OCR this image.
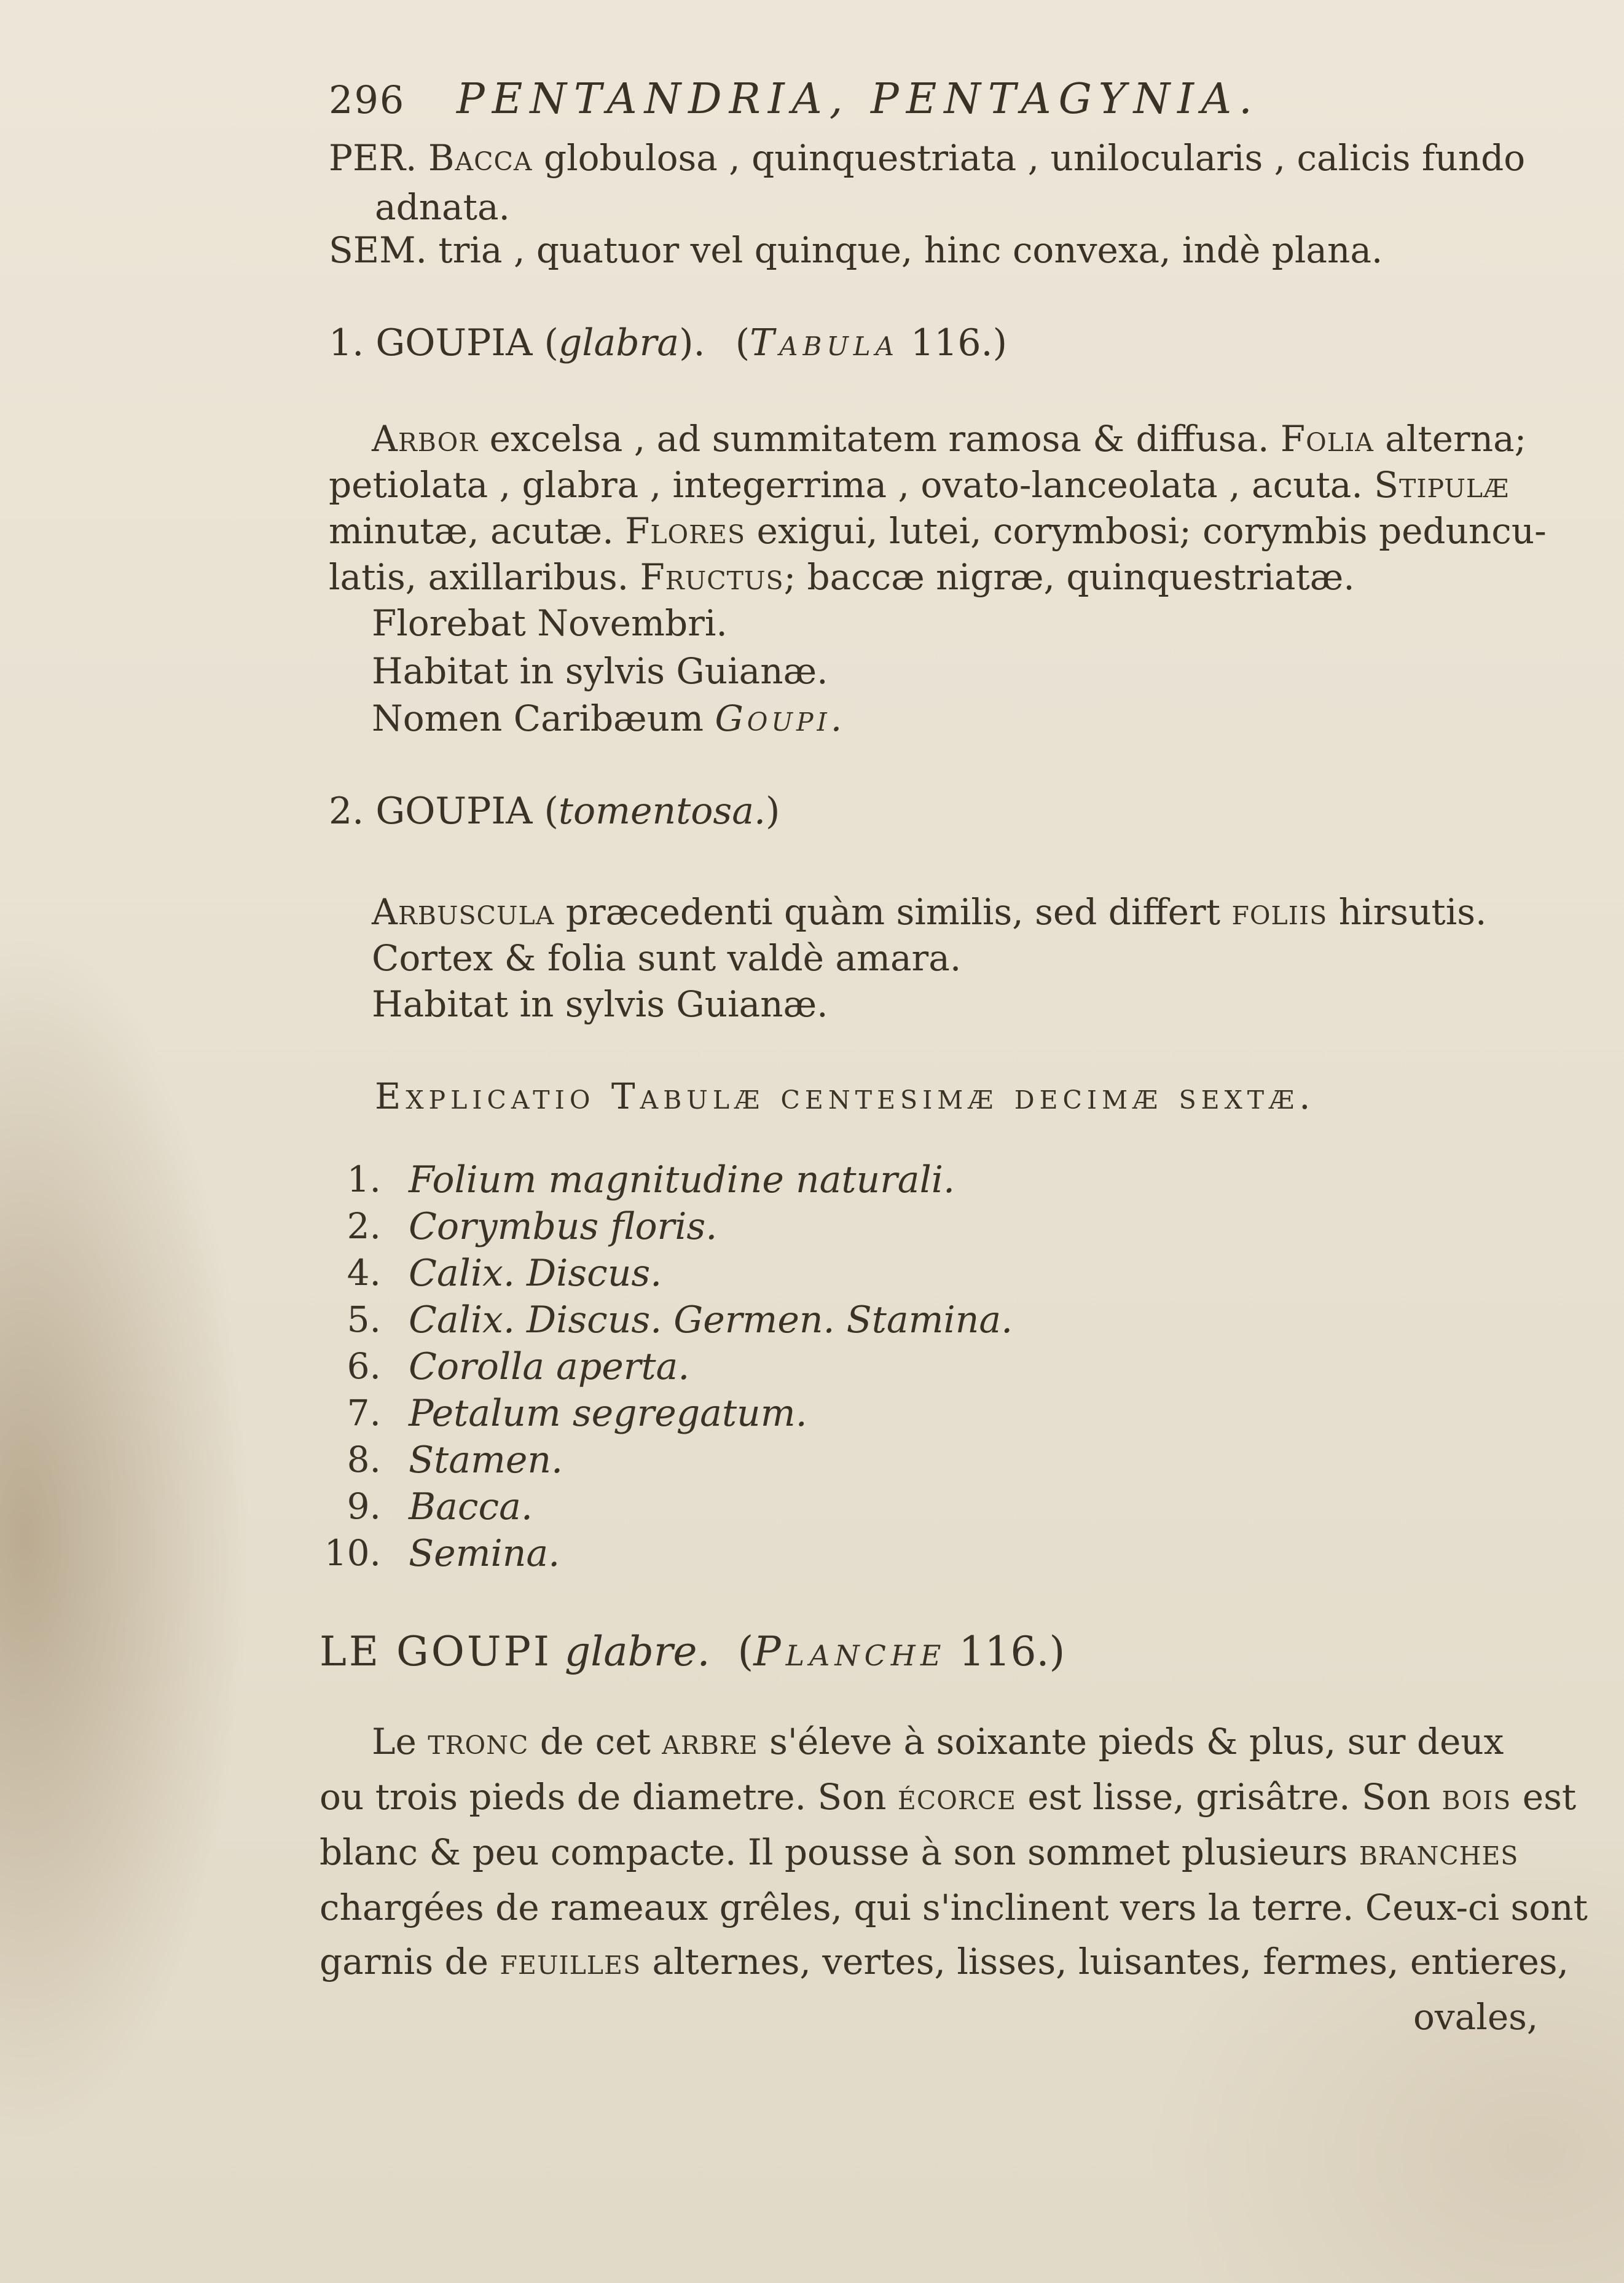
296 PENTANDRIA, PENTAGYNIA.
PER. Bacca globulosa , quinquestriata , unilocularis , calicis fundo
adnata.
SEM. tria , quatuor vel quinque, hinc convexa, indè plana.
1. GOUPIA (glabra). (Tabula 116.)
Arbor excelsa , ad summitatem ramosa & diffusa. Folia alterna;
petiolata , glabra , integerrima , ovato-lanceolata , acuta. Stipulæ
minutæ, acutæ. Flores exigui, lutei, corymbosi; corymbis peduncu-
latis, axillaribus. Fructus; baccæ nigræ, quinquestriatæ.
Florebat Novembri.
Habitat in sylvis Guianæ.
Nomen Caribæum Goupi.
2. GOUPIA (tomentosa.)
Arbuscula præcedenti quàm similis, sed differt foliis hirsutis.
Cortex & folia sunt valdè amara.
Habitat in sylvis Guianæ.
Explicatio Tabulæ centesimæ decimæ sextæ.
1. Folium magnitudine naturali.
2. Corymbus floris.
4. Calix. Discus.
5. Calix. Discus. Germen. Stamina.
6. Corolla aperta.
7. Petalum segregatum.
8. Stamen.
9. Bacca.
10. Semina.
LE GOUPI glabre. (Planche 116.)
Le tronc de cet arbre s'éleve à soixante pieds & plus, sur deux
ou trois pieds de diametre. Son écorce est lisse, grisâtre. Son bois est
blanc & peu compacte. Il pousse à son sommet plusieurs branches
chargées de rameaux grêles, qui s'inclinent vers la terre. Ceux-ci sont
garnis de feuilles alternes, vertes, lisses, luisantes, fermes, entieres,
ovales,
